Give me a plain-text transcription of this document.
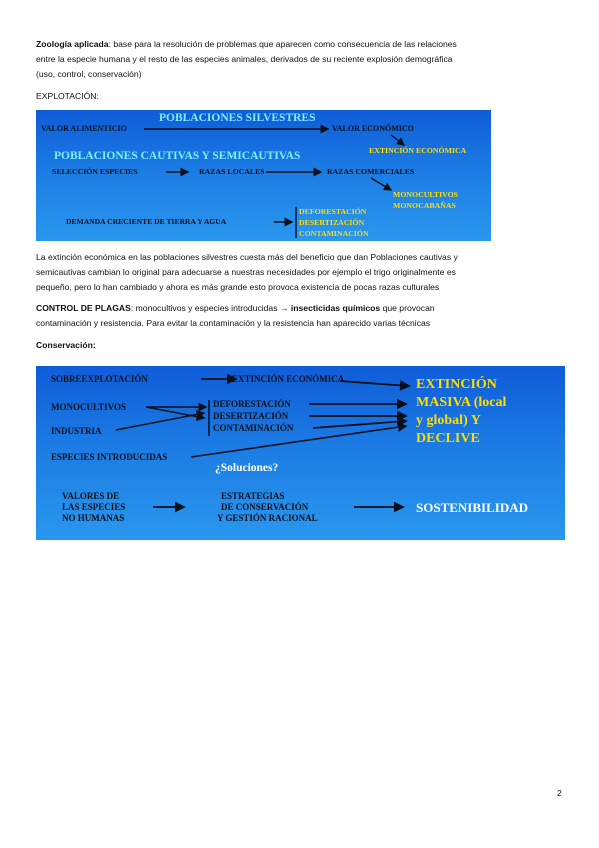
Zoología aplicada: base para la resolución de problemas que aparecen como consecuencia de las relaciones
entre la especie humana y el resto de las especies animales, derivados de su reciente explosión demográfica
(uso, control, conservación)
EXPLOTACIÓN:
POBLACIONES SILVESTRES
VALOR ALIMENTICIO	VALOR ECONÓMICO
EXTINCIÓN ECONÓMICA
POBLACIONES CAUTIVAS Y SEMICAUTIVAS
SELECCIÓN ESPECIES	RAZAS LOCALES	RAZAS COMERCIALES
MONOCULTIVOS
MONOCABAÑAS
DEMANDA CRECIENTE DE TIERRA Y AGUA
DEFORESTACIÓN
DESERTIZACIÓN
CONTAMINACIÓN
La extinción económica en las poblaciones silvestres cuesta más del beneficio que dan Poblaciones cautivas y
semicautivas cambian lo original para adecuarse a nuestras necesidades por ejemplo el trigo originalmente es
pequeño, pero lo han cambiado y ahora es más grande esto provoca existencia de pocas razas culturales
CONTROL DE PLAGAS: monocultivos y especies introducidas → insecticidas químicos que provocan
contaminación y resistencia. Para evitar la contaminación y la resistencia han aparecido varias técnicas
Conservación:
SOBREEXPLOTACIÓN	EXTINCIÓN ECONÓMICA	EXTINCIÓN
MASIVA (local
y global) Y
DECLIVE
MONOCULTIVOS
INDUSTRIA
DEFORESTACIÓN
DESERTIZACIÓN
CONTAMINACIÓN
ESPECIES INTRODUCIDAS
¿Soluciones?
VALORES DE
LAS ESPECIES
NO HUMANAS
ESTRATEGIAS
DE CONSERVACIÓN
Y GESTIÓN RACIONAL
SOSTENIBILIDAD
2
